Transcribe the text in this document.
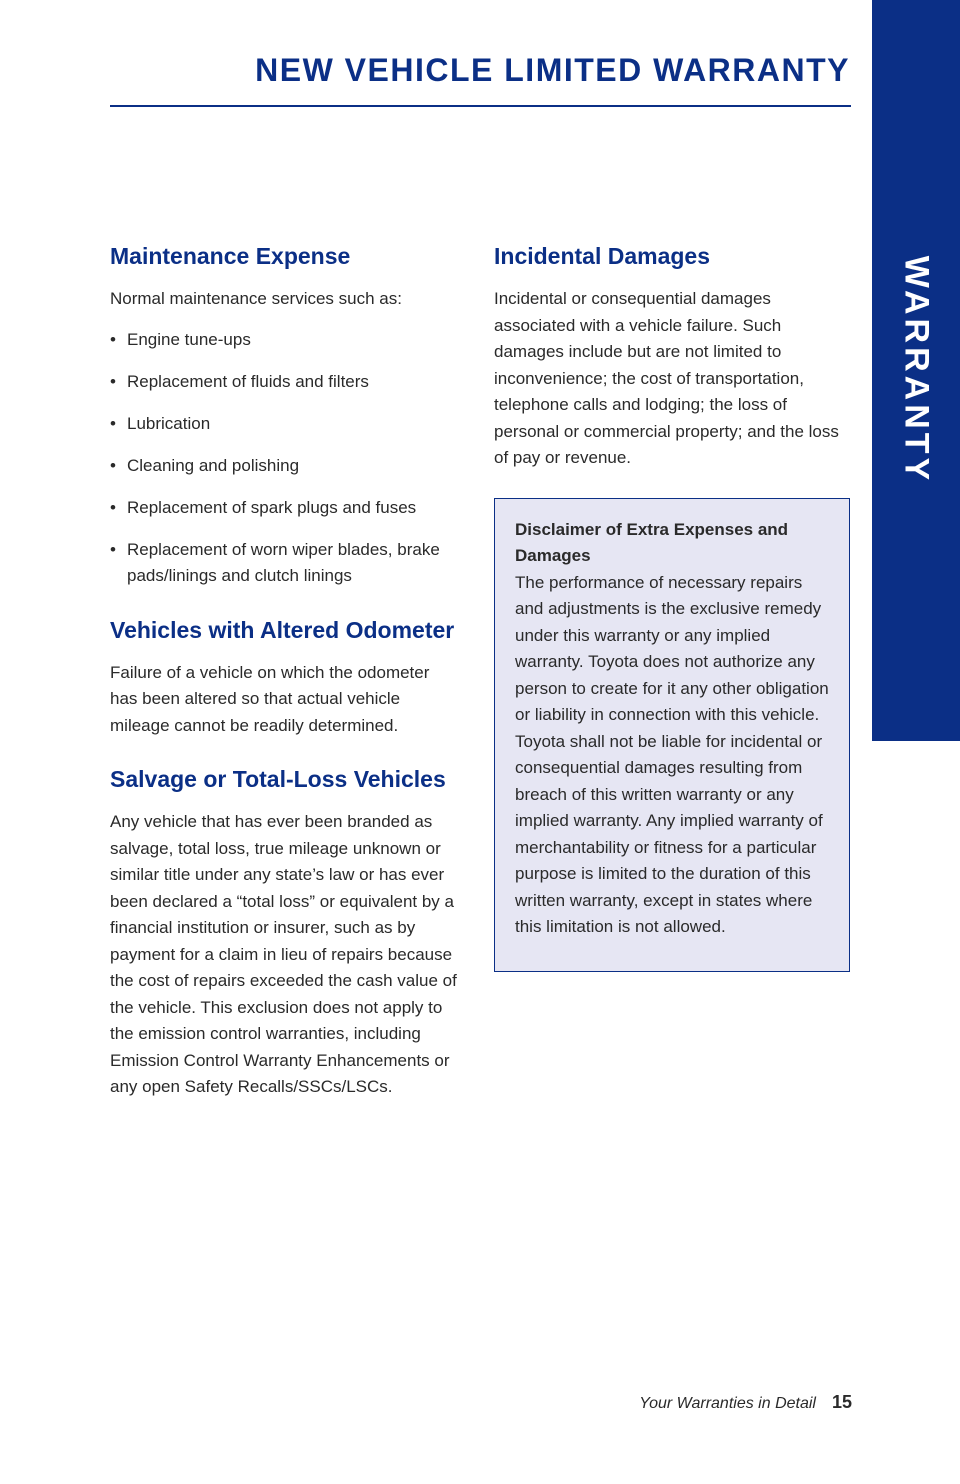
WARRANTY
NEW VEHICLE LIMITED WARRANTY
Maintenance Expense

Normal maintenance services such as:

• Engine tune-ups
• Replacement of fluids and filters
• Lubrication
• Cleaning and polishing
• Replacement of spark plugs and fuses
• Replacement of worn wiper blades, brake pads/linings and clutch linings
Vehicles with Altered Odometer

Failure of a vehicle on which the odometer has been altered so that actual vehicle mileage cannot be readily determined.

Salvage or Total-Loss Vehicles

Any vehicle that has ever been branded as salvage, total loss, true mileage unknown or similar title under any state’s law or has ever been declared a “total loss” or equivalent by a financial institution or insurer, such as by payment for a claim in lieu of repairs because the cost of repairs exceeded the cash value of the vehicle. This exclusion does not apply to the emission control warranties, including Emission Control Warranty Enhancements or any open Safety Recalls/SSCs/LSCs.

Incidental Damages

Incidental or consequential damages associated with a vehicle failure. Such damages include but are not limited to inconvenience; the cost of transportation, telephone calls and lodging; the loss of personal or commercial property; and the loss of pay or revenue.

Disclaimer of Extra Expenses and Damages

The performance of necessary repairs and adjustments is the exclusive remedy under this warranty or any implied warranty. Toyota does not authorize any person to create for it any other obligation or liability in connection with this vehicle. Toyota shall not be liable for incidental or consequential damages resulting from breach of this written warranty or any implied warranty. Any implied warranty of merchantability or fitness for a particular purpose is limited to the duration of this written warranty, except in states where this limitation is not allowed.

Your Warranties in Detail 15
